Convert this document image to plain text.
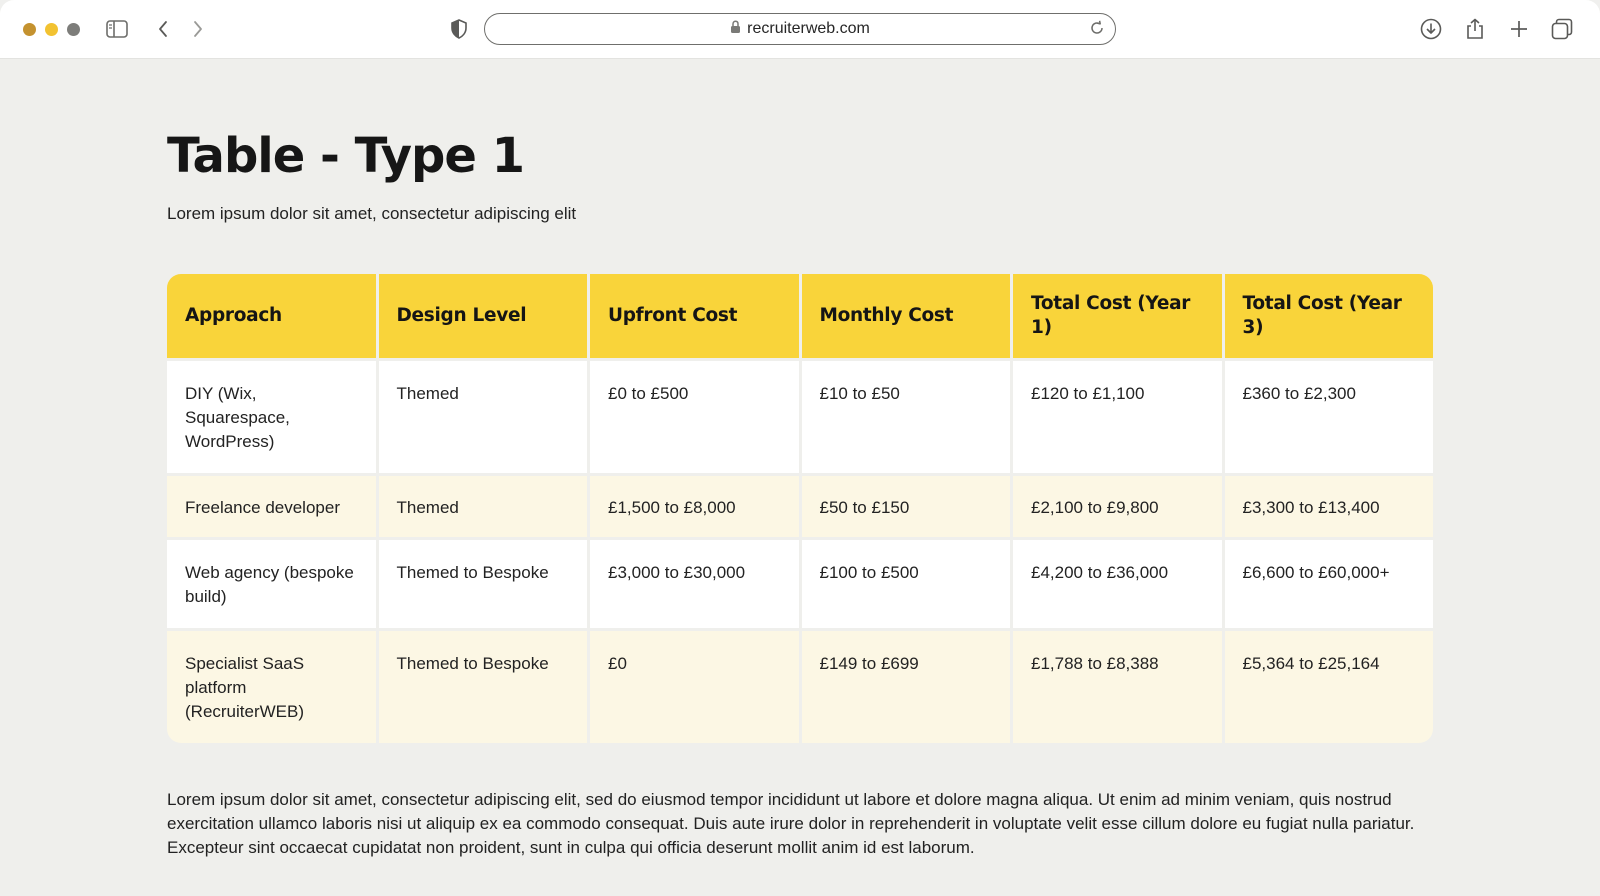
recruiterweb.com
Table - Type 1
Lorem ipsum dolor sit amet, consectetur adipiscing elit
Approach	Design Level	Upfront Cost	Monthly Cost	Total Cost (Year 1)	Total Cost (Year 3)
DIY (Wix, Squarespace, WordPress)	Themed	£0 to £500	£10 to £50	£120 to £1,100	£360 to £2,300
Freelance developer	Themed	£1,500 to £8,000	£50 to £150	£2,100 to £9,800	£3,300 to £13,400
Web agency (bespoke build)	Themed to Bespoke	£3,000 to £30,000	£100 to £500	£4,200 to £36,000	£6,600 to £60,000+
Specialist SaaS platform (RecruiterWEB)	Themed to Bespoke	£0	£149 to £699	£1,788 to £8,388	£5,364 to £25,164

Lorem ipsum dolor sit amet, consectetur adipiscing elit, sed do eiusmod tempor incididunt ut labore et dolore magna aliqua. Ut enim ad minim veniam, quis nostrud exercitation ullamco laboris nisi ut aliquip ex ea commodo consequat. Duis aute irure dolor in reprehenderit in voluptate velit esse cillum dolore eu fugiat nulla pariatur. Excepteur sint occaecat cupidatat non proident, sunt in culpa qui officia deserunt mollit anim id est laborum.
